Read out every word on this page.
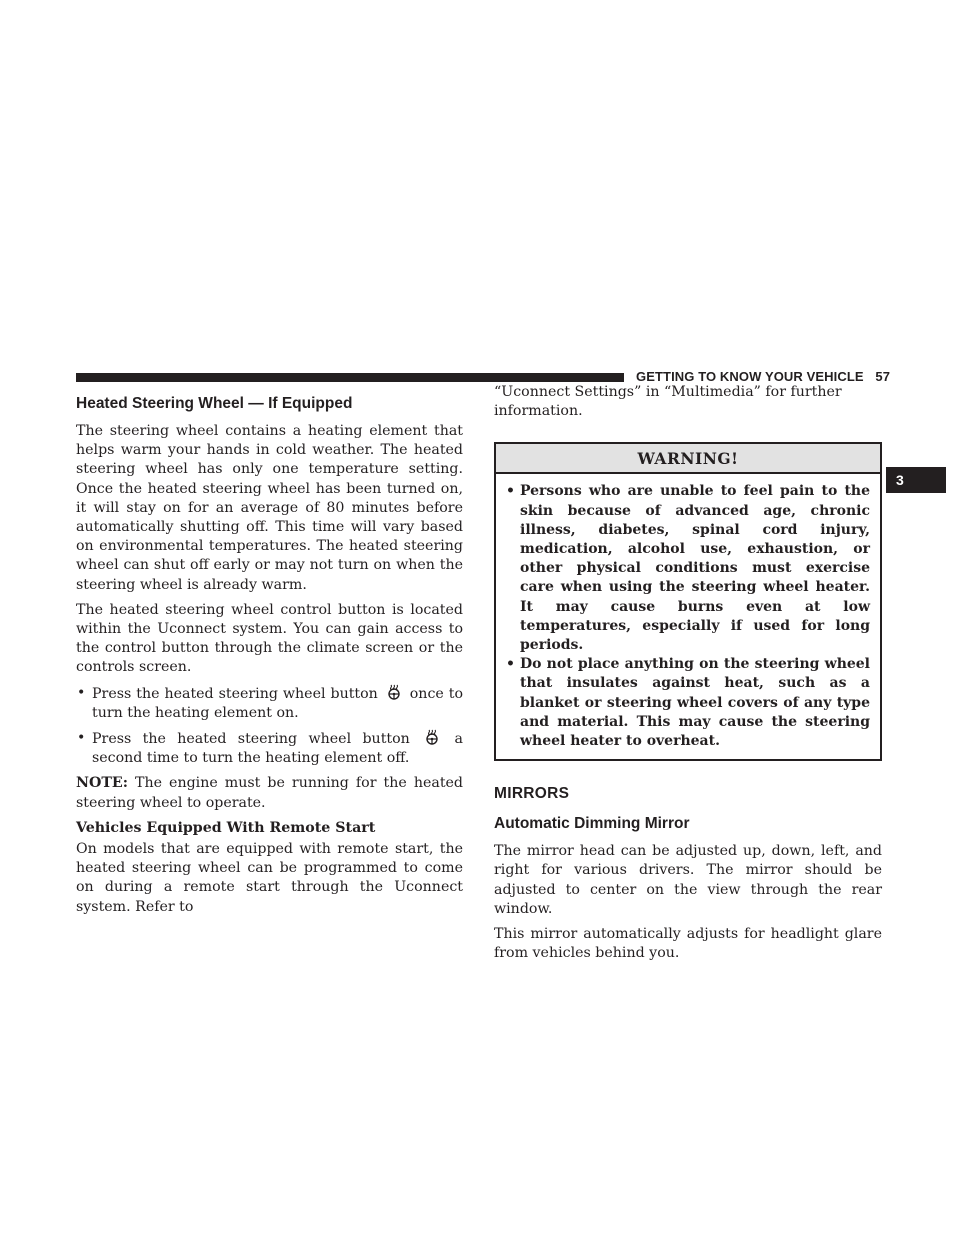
GETTING TO KNOW YOUR VEHICLE 57
3
Heated Steering Wheel — If Equipped

The steering wheel contains a heating element that helps warm your hands in cold weather. The heated steering wheel has only one temperature setting. Once the heated steering wheel has been turned on, it will stay on for an average of 80 minutes before automatically shutting off. This time will vary based on environmental temperatures. The heated steering wheel can shut off early or may not turn on when the steering wheel is already warm.

The heated steering wheel control button is located within the Uconnect system. You can gain access to the control button through the climate screen or the controls screen.

• Press the heated steering wheel button once to turn the heating element on.
• Press the heated steering wheel button	a second time to turn the heating element off.

NOTE: The engine must be running for the heated steering wheel to operate.

Vehicles Equipped With Remote Start

On models that are equipped with remote start, the heated steering wheel can be programmed to come on during a remote start through the Uconnect system. Refer to

“Uconnect Settings” in “Multimedia” for further information.

WARNING!
• Persons who are unable to feel pain to the skin because of advanced age, chronic illness, diabetes, spinal cord injury, medication, alcohol use, exhaustion, or other physical conditions must exercise care when using the steering wheel heater. It may cause burns even at low temperatures, especially if used for long periods.
• Do not place anything on the steering wheel that insulates against heat, such as a blanket or steering wheel covers of any type and material. This may cause the steering wheel heater to overheat.
MIRRORS
Automatic Dimming Mirror

The mirror head can be adjusted up, down, left, and right for various drivers. The mirror should be adjusted to center on the view through the rear window.

This mirror automatically adjusts for headlight glare from vehicles behind you.
